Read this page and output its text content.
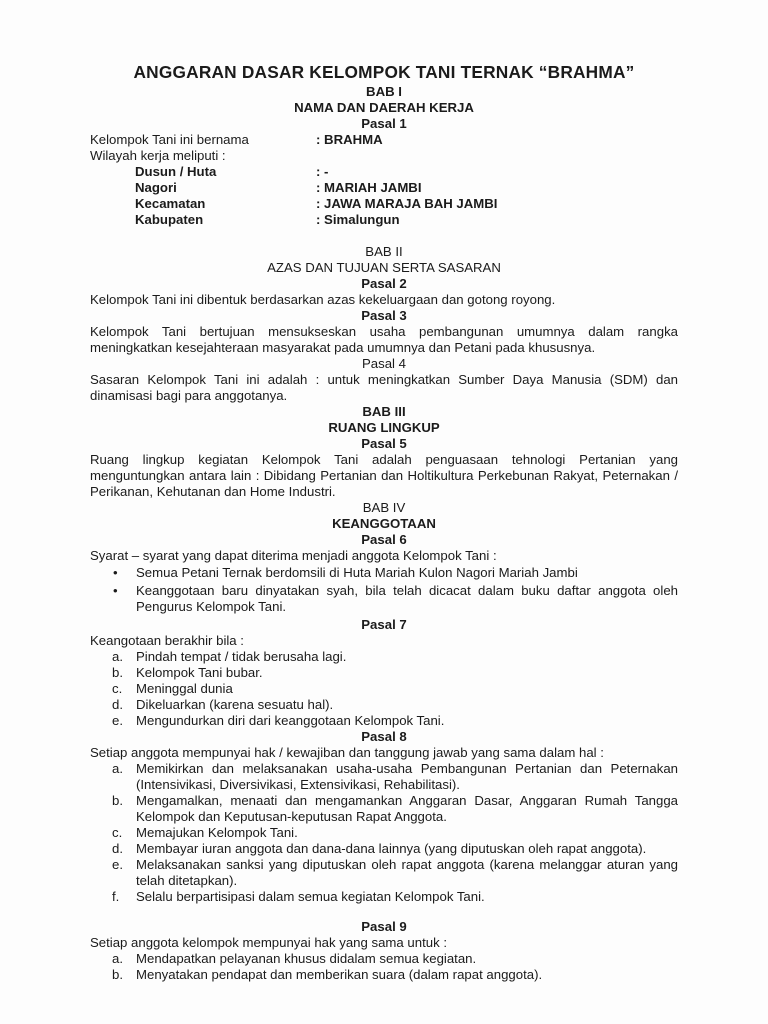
ANGGARAN DASAR KELOMPOK TANI TERNAK “BRAHMA”
BAB I
NAMA DAN DAERAH KERJA
Pasal 1
Kelompok Tani ini bernama	: BRAHMA
Wilayah kerja meliputi :
Dusun / Huta	: -
Nagori	: MARIAH JAMBI
Kecamatan	: JAWA MARAJA BAH JAMBI
Kabupaten	: Simalungun
BAB II
AZAS DAN TUJUAN SERTA SASARAN
Pasal 2
Kelompok Tani ini dibentuk berdasarkan azas kekeluargaan dan gotong royong.
Pasal 3
Kelompok Tani bertujuan mensukseskan usaha pembangunan umumnya dalam rangka meningkatkan kesejahteraan masyarakat pada umumnya dan Petani pada khususnya.
Pasal 4
Sasaran Kelompok Tani ini adalah : untuk meningkatkan Sumber Daya Manusia (SDM) dan dinamisasi bagi para anggotanya.
BAB III
RUANG LINGKUP
Pasal 5
Ruang lingkup kegiatan Kelompok Tani adalah penguasaan tehnologi Pertanian yang menguntungkan antara lain : Dibidang Pertanian dan Holtikultura Perkebunan Rakyat, Peternakan / Perikanan, Kehutanan dan Home Industri.
BAB IV
KEANGGOTAAN
Pasal 6
Syarat – syarat yang dapat diterima menjadi anggota Kelompok Tani :
• Semua Petani Ternak berdomsili di Huta Mariah Kulon Nagori Mariah Jambi
• Keanggotaan baru dinyatakan syah, bila telah dicacat dalam buku daftar anggota oleh Pengurus Kelompok Tani.
Pasal 7
Keangotaan berakhir bila :
a. Pindah tempat / tidak berusaha lagi.
b. Kelompok Tani bubar.
c. Meninggal dunia
d. Dikeluarkan (karena sesuatu hal).
e. Mengundurkan diri dari keanggotaan Kelompok Tani.
Pasal 8
Setiap anggota mempunyai hak / kewajiban dan tanggung jawab yang sama dalam hal :
a. Memikirkan dan melaksanakan usaha-usaha Pembangunan Pertanian dan Peternakan (Intensivikasi, Diversivikasi, Extensivikasi, Rehabilitasi).
b. Mengamalkan, menaati dan mengamankan Anggaran Dasar, Anggaran Rumah Tangga Kelompok dan Keputusan-keputusan Rapat Anggota.
c. Memajukan Kelompok Tani.
d. Membayar iuran anggota dan dana-dana lainnya (yang diputuskan oleh rapat anggota).
e. Melaksanakan sanksi yang diputuskan oleh rapat anggota (karena melanggar aturan yang telah ditetapkan).
f. Selalu berpartisipasi dalam semua kegiatan Kelompok Tani.
Pasal 9
Setiap anggota kelompok mempunyai hak yang sama untuk :
a. Mendapatkan pelayanan khusus didalam semua kegiatan.
b. Menyatakan pendapat dan memberikan suara (dalam rapat anggota).
